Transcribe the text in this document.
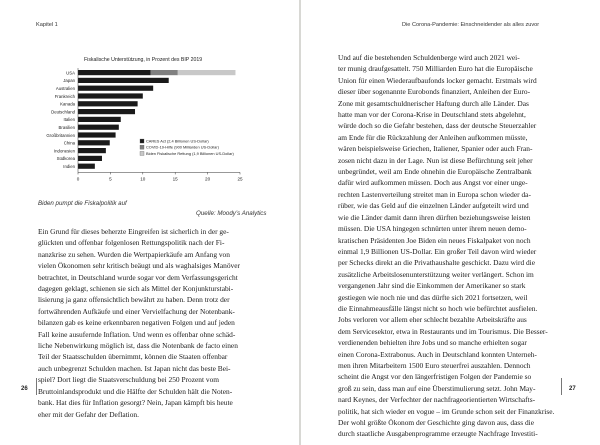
Kapitel 1	Die Corona-Pandemie: Einschneidender als alles zuvor
Fiskalische Unterstützung, in Prozent des BIP 2019
USA
Japan
Australien
Frankreich
Kanada
Deutschland
Italien
Brasilien
Großbritannien
China
Indonesien
Südkorea
Indien
0	5	10	15	20	25
CARES Act (2,4 Billionen US-Dollar)
COVID-19-Hilfe (900 Milliarden US-Dollar)
Biden Fiskalische Rettung (1,9 Billionen US-Dollar)
Biden pumpt die Fiskalpolitik auf
Quelle: Moody’s Analytics
Ein Grund für dieses beherzte Eingreifen ist sicherlich in der ge-
glückten und offenbar folgenlosen Rettungspolitik nach der Fi-
nanzkrise zu sehen. Wurden die Wertpapierkäufe am Anfang von
vielen Ökonomen sehr kritisch beäugt und als waghalsiges Manöver
betrachtet, in Deutschland wurde sogar vor dem Verfassungsgericht
dagegen geklagt, schienen sie sich als Mittel der Konjunkturstabi-
lisierung ja ganz offensichtlich bewährt zu haben. Denn trotz der
fortwährenden Aufkäufe und einer Vervielfachung der Notenbank-
bilanzen gab es keine erkennbaren negativen Folgen und auf jeden
Fall keine ausufernde Inflation. Und wenn es offenbar ohne schäd-
liche Nebenwirkung möglich ist, dass die Notenbank de facto einen
Teil der Staatsschulden übernimmt, können die Staaten offenbar
auch unbegrenzt Schulden machen. Ist Japan nicht das beste Bei-
spiel? Dort liegt die Staatsverschuldung bei 250 Prozent vom
Bruttoinlandsprodukt und die Hälfte der Schulden hält die Noten-
bank. Hat dies für Inflation gesorgt? Nein, Japan kämpft bis heute
eher mit der Gefahr der Deflation.
Und auf die bestehenden Schuldenberge wird auch 2021 wei-
ter munig draufgesattelt. 750 Milliarden Euro hat die Europäische
Union für einen Wiederaufbaufonds locker gemacht. Erstmals wird
dieser über sogenannte Eurobonds finanziert, Anleihen der Euro-
Zone mit gesamtschuldnerischer Haftung durch alle Länder. Das
hatte man vor der Corona-Krise in Deutschland stets abgelehnt,
würde doch so die Gefahr bestehen, dass der deutsche Steuerzahler
am Ende für die Rückzahlung der Anleihen aufkommen müsste,
wären beispielsweise Griechen, Italiener, Spanier oder auch Fran-
zosen nicht dazu in der Lage. Nun ist diese Befürchtung seit jeher
unbegründet, weil am Ende ohnehin die Europäische Zentralbank
dafür wird aufkommen müssen. Doch aus Angst vor einer unge-
rechten Lastenverteilung streitet man in Europa schon wieder da-
rüber, wie das Geld auf die einzelnen Länder aufgeteilt wird und
wie die Länder damit dann ihren dürften beziehungsweise leisten
müssen. Die USA hingegen schnürten unter ihrem neuen demo-
kratischen Präsidenten Joe Biden ein neues Fiskalpaket von noch
einmal 1,9 Billionen US-Dollar. Ein großer Teil davon wird wieder
per Schecks direkt an die Privathaushalte geschickt. Dazu wird die
zusätzliche Arbeitslosenunterstützung weiter verlängert. Schon im
vergangenen Jahr sind die Einkommen der Amerikaner so stark
gestiegen wie noch nie und das dürfte sich 2021 fortsetzen, weil
die Einnahmeausfälle längst nicht so hoch wie befürchtet ausfielen.
Jobs verloren vor allem eher schlecht bezahlte Arbeitskräfte aus
dem Servicesektor, etwa in Restaurants und im Tourismus. Die Besser-
verdienenden behielten ihre Jobs und so manche erhielten sogar
einen Corona-Extrabonus. Auch in Deutschland konnten Unterneh-
men ihren Mitarbeitern 1500 Euro steuerfrei auszahlen. Dennoch
scheint die Angst vor den längerfristigen Folgen der Pandemie so
groß zu sein, dass man auf eine Überstimulierung setzt. John May-
nard Keynes, der Verfechter der nachfrageorientierten Wirtschafts-
politik, hat sich wieder en vogue – im Grunde schon seit der Finanzkrise.
Der wohl größte Ökonom der Geschichte ging davon aus, dass die
durch staatliche Ausgabenprogramme erzeugte Nachfrage Investiti-
26	27
